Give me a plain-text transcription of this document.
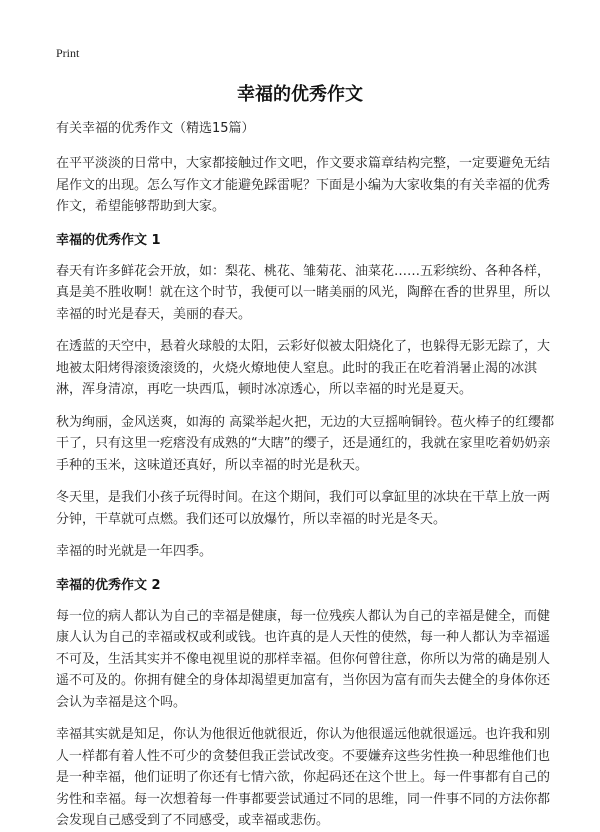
Print
幸福的优秀作文

有关幸福的优秀作文（精选15篇）

在平平淡淡的日常中，大家都接触过作文吧，作文要求篇章结构完整，一定要避免无结尾作文的出现。怎么写作文才能避免踩雷呢？下面是小编为大家收集的有关幸福的优秀作文，希望能够帮助到大家。

幸福的优秀作文 1

春天有许多鲜花会开放，如：梨花、桃花、雏菊花、油菜花……五彩缤纷、各种各样，真是美不胜收啊！就在这个时节，我便可以一睹美丽的风光，陶醉在香的世界里，所以幸福的时光是春天，美丽的春天。

在透蓝的天空中，悬着火球般的太阳，云彩好似被太阳烧化了，也躲得无影无踪了，大地被太阳烤得滚烫滚烫的，火烧火燎地使人窒息。此时的我正在吃着消暑止渴的冰淇淋，浑身清凉，再吃一块西瓜，顿时冰凉透心，所以幸福的时光是夏天。

秋为绚丽，金风送爽，如海的 高粱举起火把，无边的大豆摇响铜铃。苞火棒子的红缨都干了，只有这里一疙瘩没有成熟的“大瞎”的缨子，还是通红的，我就在家里吃着奶奶亲手种的玉米，这味道还真好，所以幸福的时光是秋天。

冬天里，是我们小孩子玩得时间。在这个期间，我们可以拿缸里的冰块在干草上放一两分钟，干草就可点燃。我们还可以放爆竹，所以幸福的时光是冬天。

幸福的时光就是一年四季。

幸福的优秀作文 2

每一位的病人都认为自己的幸福是健康，每一位残疾人都认为自己的幸福是健全，而健康人认为自己的幸福或权或利或钱。也许真的是人天性的使然，每一种人都认为幸福遥不可及，生活其实并不像电视里说的那样幸福。但你何曾往意，你所以为常的确是别人遥不可及的。你拥有健全的身体却渴望更加富有，当你因为富有而失去健全的身体你还会认为幸福是这个吗。

幸福其实就是知足，你认为他很近他就很近，你认为他很遥远他就很遥远。也许我和别人一样都有着人性不可少的贪婪但我正尝试改变。不要嫌弃这些劣性换一种思维他们也是一种幸福，他们证明了你还有七情六欲，你起码还在这个世上。每一件事都有自己的劣性和幸福。每一次想着每一件事都要尝试通过不同的思维，同一件事不同的方法你都会发现自己感受到了不同感受，或幸福或悲伤。
